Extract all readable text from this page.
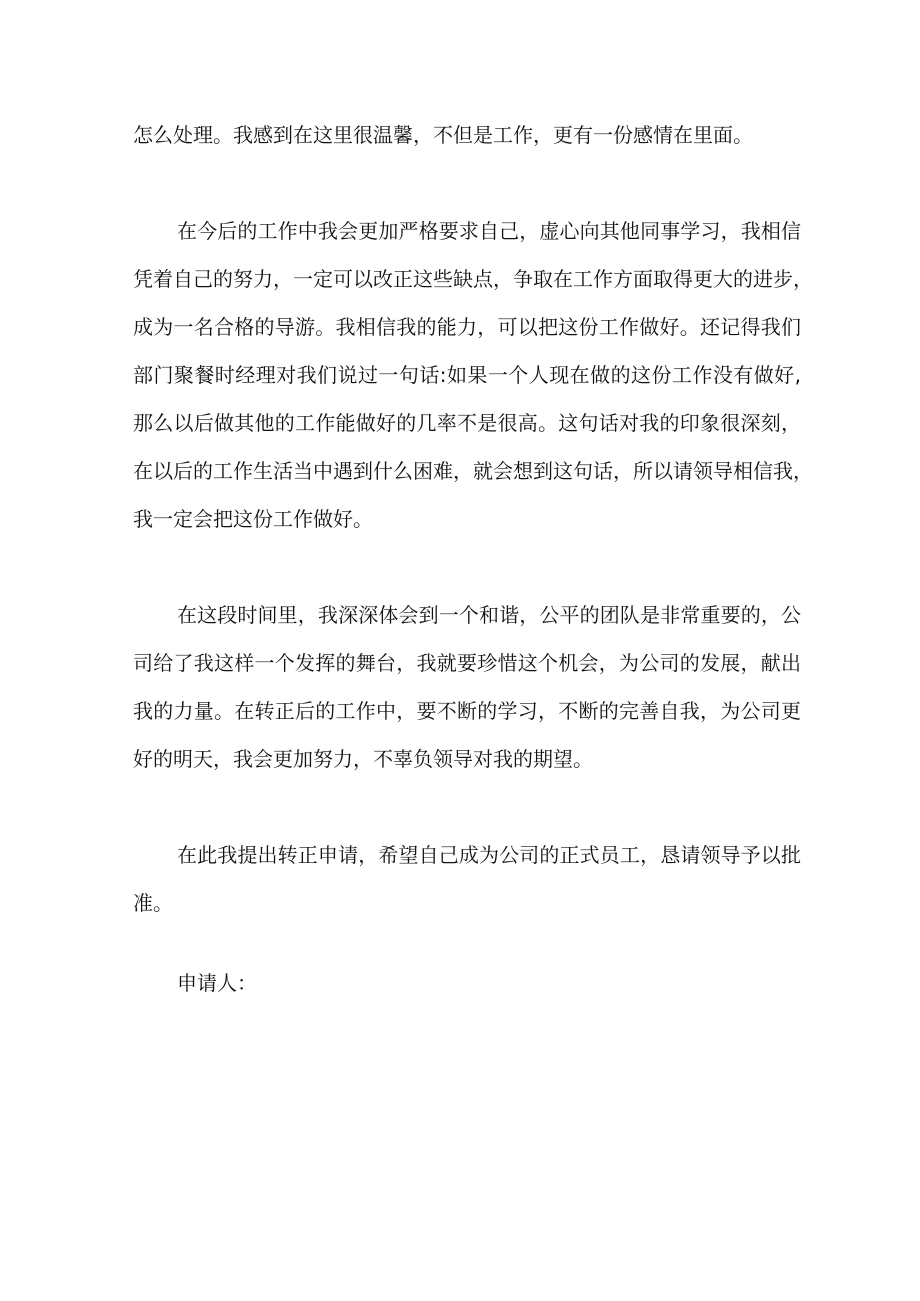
怎么处理。我感到在这里很温馨，不但是工作，更有一份感情在里面。
在今后的工作中我会更加严格要求自己，虚心向其他同事学习，我相信
凭着自己的努力，一定可以改正这些缺点，争取在工作方面取得更大的进步，
成为一名合格的导游。我相信我的能力，可以把这份工作做好。还记得我们
部门聚餐时经理对我们说过一句话:如果一个人现在做的这份工作没有做好,
那么以后做其他的工作能做好的几率不是很高。这句话对我的印象很深刻，
在以后的工作生活当中遇到什么困难，就会想到这句话，所以请领导相信我，
我一定会把这份工作做好。
在这段时间里，我深深体会到一个和谐，公平的团队是非常重要的，公
司给了我这样一个发挥的舞台，我就要珍惜这个机会，为公司的发展，献出
我的力量。在转正后的工作中，要不断的学习，不断的完善自我，为公司更
好的明天，我会更加努力，不辜负领导对我的期望。
在此我提出转正申请，希望自己成为公司的正式员工，恳请领导予以批
准。
申请人：
